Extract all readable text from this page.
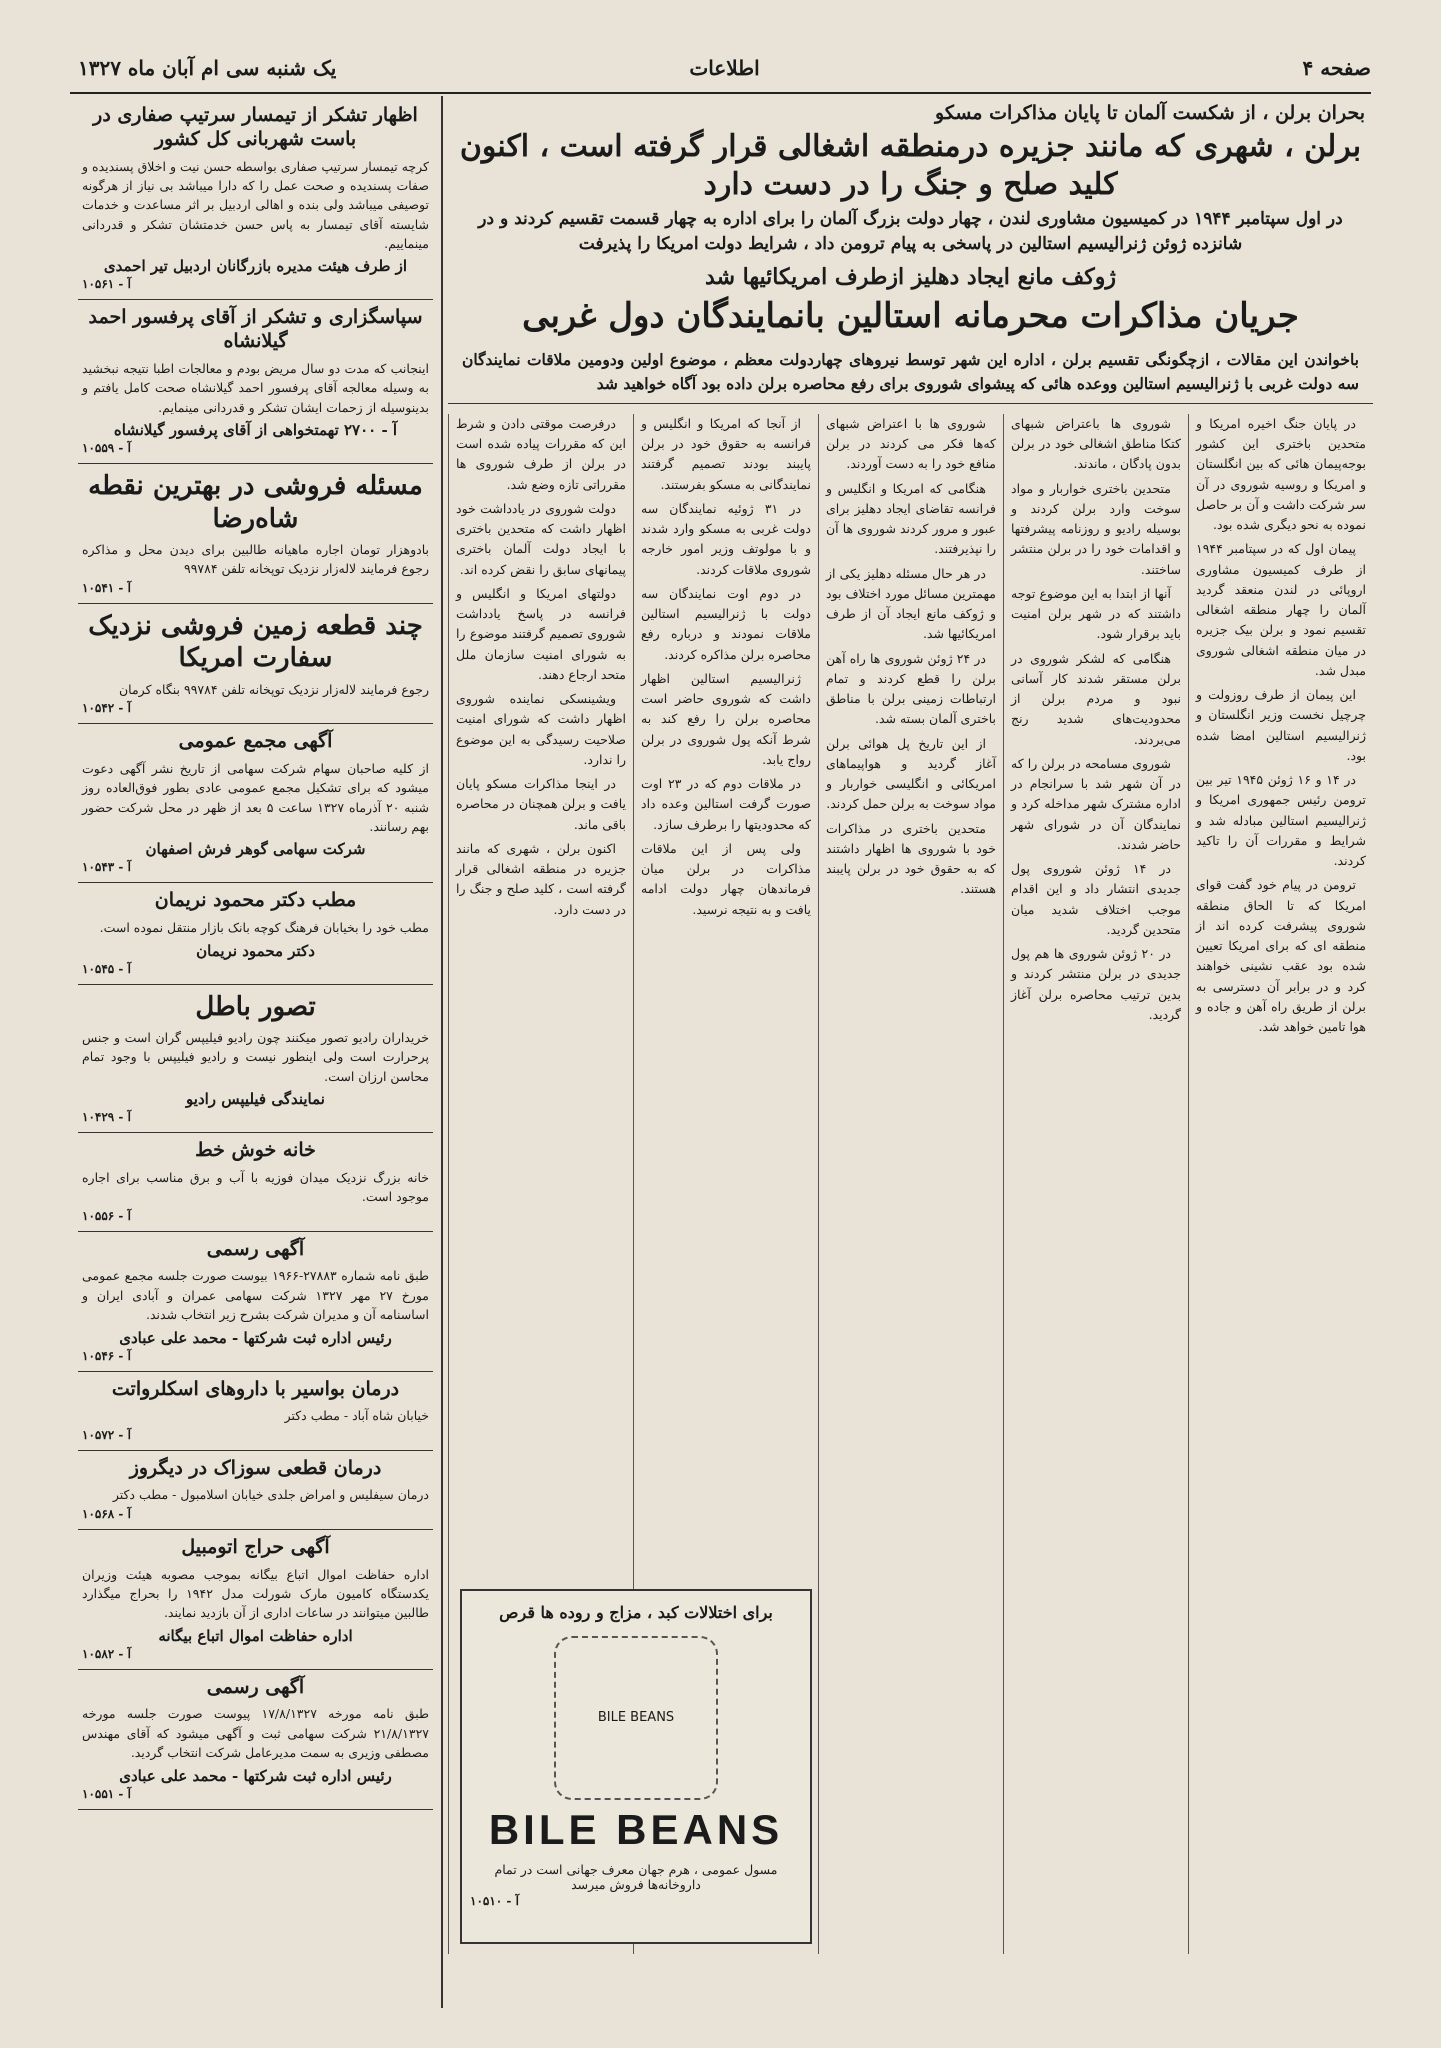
یک شنبه سی ام آبان ماه ۱۳۲۷	اطلاعات	صفحه ۴
بحران برلن ، از شکست آلمان تا پایان مذاکرات مسکو
برلن ، شهری که مانند جزیره درمنطقه اشغالی قرار گرفته است ، اکنون کلید صلح و جنگ را در دست دارد
در اول سپتامبر ۱۹۴۴ در کمیسیون مشاوری لندن ، چهار دولت بزرگ آلمان را برای اداره به چهار قسمت تقسیم کردند و در شانزده ژوئن ژنرالیسیم استالین در پاسخی به پیام ترومن داد ، شرایط دولت امریکا را پذیرفت
ژوکف مانع ایجاد دهلیز ازطرف امریکائیها شد
جریان مذاکرات محرمانه استالین بانمایندگان دول غربی
باخواندن این مقالات ، ازچگونگی تقسیم برلن ، اداره این شهر توسط نیروهای چهاردولت معظم ، موضوع اولین ودومین ملاقات نمایندگان سه دولت غربی با ژنرالیسیم استالین ووعده هائی که پیشوای شوروی برای رفع محاصره برلن داده بود آگاه خواهید شد

در پایان جنگ اخیره امریکا و متحدین باختری این کشور بوجه‌پیمان هائی که بین انگلستان و امریکا و روسیه شوروی در آن سر شرکت داشت و آن بر حاصل نموده به نحو دیگری شده بود.

پیمان اول که در سپتامبر ۱۹۴۴ از طرف کمیسیون مشاوری اروپائی در لندن منعقد گردید آلمان را چهار منطقه اشغالی تقسیم نمود و برلن بیک جزیره در میان منطقه اشغالی شوروی مبدل شد.

این پیمان از طرف روزولت و چرچیل نخست وزیر انگلستان و ژنرالیسیم استالین امضا شده بود.

در ۱۴ و ۱۶ ژوئن ۱۹۴۵ تیر بین ترومن رئیس جمهوری امریکا و ژنرالیسیم استالین مبادله شد و شرایط و مقررات آن را تاکید کردند.

ترومن در پیام خود گفت قوای امریکا که تا الحاق منطقه شوروی پیشرفت کرده اند از منطقه ای که برای امریکا تعیین شده بود عقب نشینی خواهند کرد و در برابر آن دسترسی به برلن از طریق راه آهن و جاده و هوا تامین خواهد شد.

شوروی ها باعتراض شبهای کتکا مناطق اشغالی خود در برلن بدون پادگان ، ماندند.

متحدین باختری خواربار و مواد سوخت وارد برلن کردند و بوسیله رادیو و روزنامه پیشرفتها و اقدامات خود را در برلن منتشر ساختند.

آنها از ابتدا به این موضوع توجه داشتند که در شهر برلن امنیت باید برقرار شود.

هنگامی که لشکر شوروی در برلن مستقر شدند کار آسانی نبود و مردم برلن از محدودیت‌های شدید رنج می‌بردند.

شوروی مسامحه در برلن را که در آن شهر شد با سرانجام در اداره مشترک شهر مداخله کرد و نمایندگان آن در شورای شهر حاضر شدند.

در ۱۴ ژوئن شوروی پول جدیدی انتشار داد و این اقدام موجب اختلاف شدید میان متحدین گردید.

در ۲۰ ژوئن شوروی ها هم پول جدیدی در برلن منتشر کردند و بدین ترتیب محاصره برلن آغاز گردید.

شوروی ها با اعتراض شبهای که‌ها فکر می کردند در برلن منافع خود را به دست آوردند.

هنگامی که امریکا و انگلیس و فرانسه تقاضای ایجاد دهلیز برای عبور و مرور کردند شوروی ها آن را نپذیرفتند.

در هر حال مسئله دهلیز یکی از مهمترین مسائل مورد اختلاف بود و ژوکف مانع ایجاد آن از طرف امریکائیها شد.

در ۲۴ ژوئن شوروی ها راه آهن برلن را قطع کردند و تمام ارتباطات زمینی برلن با مناطق باختری آلمان بسته شد.

از این تاریخ پل هوائی برلن آغاز گردید و هواپیماهای امریکائی و انگلیسی خواربار و مواد سوخت به برلن حمل کردند.

متحدین باختری در مذاکرات خود با شوروی ها اظهار داشتند که به حقوق خود در برلن پایبند هستند.

از آنجا که امریکا و انگلیس و فرانسه به حقوق خود در برلن پایبند بودند تصمیم گرفتند نمایندگانی به مسکو بفرستند.

در ۳۱ ژوئیه نمایندگان سه دولت غربی به مسکو وارد شدند و با مولوتف وزیر امور خارجه شوروی ملاقات کردند.

در دوم اوت نمایندگان سه دولت با ژنرالیسیم استالین ملاقات نمودند و درباره رفع محاصره برلن مذاکره کردند.

ژنرالیسیم استالین اظهار داشت که شوروی حاضر است محاصره برلن را رفع کند به شرط آنکه پول شوروی در برلن رواج یابد.

در ملاقات دوم که در ۲۳ اوت صورت گرفت استالین وعده داد که محدودیتها را برطرف سازد.

ولی پس از این ملاقات مذاکرات در برلن میان فرماندهان چهار دولت ادامه یافت و به نتیجه نرسید.

درفرصت موقتی دادن و شرط این که مقررات پیاده شده است در برلن از طرف شوروی ها مقرراتی تازه وضع شد.

دولت شوروی در یادداشت خود اظهار داشت که متحدین باختری با ایجاد دولت آلمان باختری پیمانهای سابق را نقض کرده اند.

دولتهای امریکا و انگلیس و فرانسه در پاسخ یادداشت شوروی تصمیم گرفتند موضوع را به شورای امنیت سازمان ملل متحد ارجاع دهند.

ویشینسکی نماینده شوروی اظهار داشت که شورای امنیت صلاحیت رسیدگی به این موضوع را ندارد.

در اینجا مذاکرات مسکو پایان یافت و برلن همچنان در محاصره باقی ماند.

اکنون برلن ، شهری که مانند جزیره در منطقه اشغالی قرار گرفته است ، کلید صلح و جنگ را در دست دارد.

برای اختلالات کبد ، مزاج و روده ها قرص
BILE BEANS
BILE BEANS
مسول عمومی ، هرم جهان معرف جهانی است در تمام داروخانه‌ها فروش میرسد
آ - ۱۰۵۱۰
اظهار تشکر از تیمسار سرتیپ صفاری در باست شهربانی کل کشور
کرچه تیمسار سرتیپ صفاری بواسطه حسن نیت و اخلاق پسندیده و صفات پسندیده و صحت عمل را که دارا میباشد بی نیاز از هرگونه توصیفی میباشد ولی بنده و اهالی اردبیل بر اثر مساعدت و خدمات شایسته آقای تیمسار به پاس حسن خدمتشان تشکر و قدردانی مینماییم.
از طرف هیئت مدیره بازرگانان اردبیل تیر احمدی
آ - ۱۰۵۶۱
سپاسگزاری و تشکر از آقای پرفسور احمد گیلانشاه
اینجانب که مدت دو سال مریض بودم و معالجات اطبا نتیجه نبخشید به وسیله معالجه آقای پرفسور احمد گیلانشاه صحت کامل یافتم و بدینوسیله از زحمات ایشان تشکر و قدردانی مینمایم.
آ - ۲۷۰۰ تهمتخواهی از آقای پرفسور گیلانشاه
آ - ۱۰۵۵۹
مسئله فروشی در بهترین نقطه شاه‌رضا
بادوهزار تومان اجاره ماهیانه طالبین برای دیدن محل و مذاکره رجوع فرمایند لاله‌زار نزدیک توپخانه تلفن ۹۹۷۸۴
آ - ۱۰۵۴۱
چند قطعه زمین فروشی نزدیک سفارت امریکا
رجوع فرمایند لاله‌زار نزدیک توپخانه تلفن ۹۹۷۸۴ بنگاه کرمان
آ - ۱۰۵۴۲
آگهی مجمع عمومی
از کلیه صاحبان سهام شرکت سهامی از تاریخ نشر آگهی دعوت میشود که برای تشکیل مجمع عمومی عادی بطور فوق‌العاده روز شنبه ۲۰ آذرماه ۱۳۲۷ ساعت ۵ بعد از ظهر در محل شرکت حضور بهم رسانند.
شرکت سهامی گوهر فرش اصفهان
آ - ۱۰۵۴۳
مطب دکتر محمود نریمان
مطب خود را بخیابان فرهنگ کوچه بانک بازار منتقل نموده است.
دکتر محمود نریمان
آ - ۱۰۵۴۵
تصور باطل
خریداران رادیو تصور میکنند چون رادیو فیلیپس گران است و جنس پرحرارت است ولی اینطور نیست و رادیو فیلیپس با وجود تمام محاسن ارزان است.
نمایندگی فیلیپس رادیو
آ - ۱۰۴۲۹
خانه خوش خط
خانه بزرگ نزدیک میدان فوزیه با آب و برق مناسب برای اجاره موجود است.
آ - ۱۰۵۵۶
آگهی رسمی
طبق نامه شماره ۲۷۸۸۳-۱۹۶۶ بیوست صورت جلسه مجمع عمومی مورخ ۲۷ مهر ۱۳۲۷ شرکت سهامی عمران و آبادی ایران و اساسنامه آن و مدیران شرکت بشرح زیر انتخاب شدند.
رئیس اداره ثبت شرکتها - محمد علی عبادی
آ - ۱۰۵۴۶
درمان بواسیر با داروهای اسکلرواتت
خیابان شاه آباد - مطب دکتر
آ - ۱۰۵۷۲
درمان قطعی سوزاک در دیگروز
درمان سیفلیس و امراض جلدی خیابان اسلامبول - مطب دکتر
آ - ۱۰۵۶۸
آگهی حراج اتومبیل
اداره حفاظت اموال اتباع بیگانه بموجب مصوبه هیئت وزیران یکدستگاه کامیون مارک شورلت مدل ۱۹۴۲ را بحراج میگذارد طالبین میتوانند در ساعات اداری از آن بازدید نمایند.
اداره حفاظت اموال اتباع بیگانه
آ - ۱۰۵۸۲
آگهی رسمی
طبق نامه مورخه ۱۷/۸/۱۳۲۷ پیوست صورت جلسه مورخه ۲۱/۸/۱۳۲۷ شرکت سهامی ثبت و آگهی میشود که آقای مهندس مصطفی وزیری به سمت مدیرعامل شرکت انتخاب گردید.
رئیس اداره ثبت شرکتها - محمد علی عبادی
آ - ۱۰۵۵۱
